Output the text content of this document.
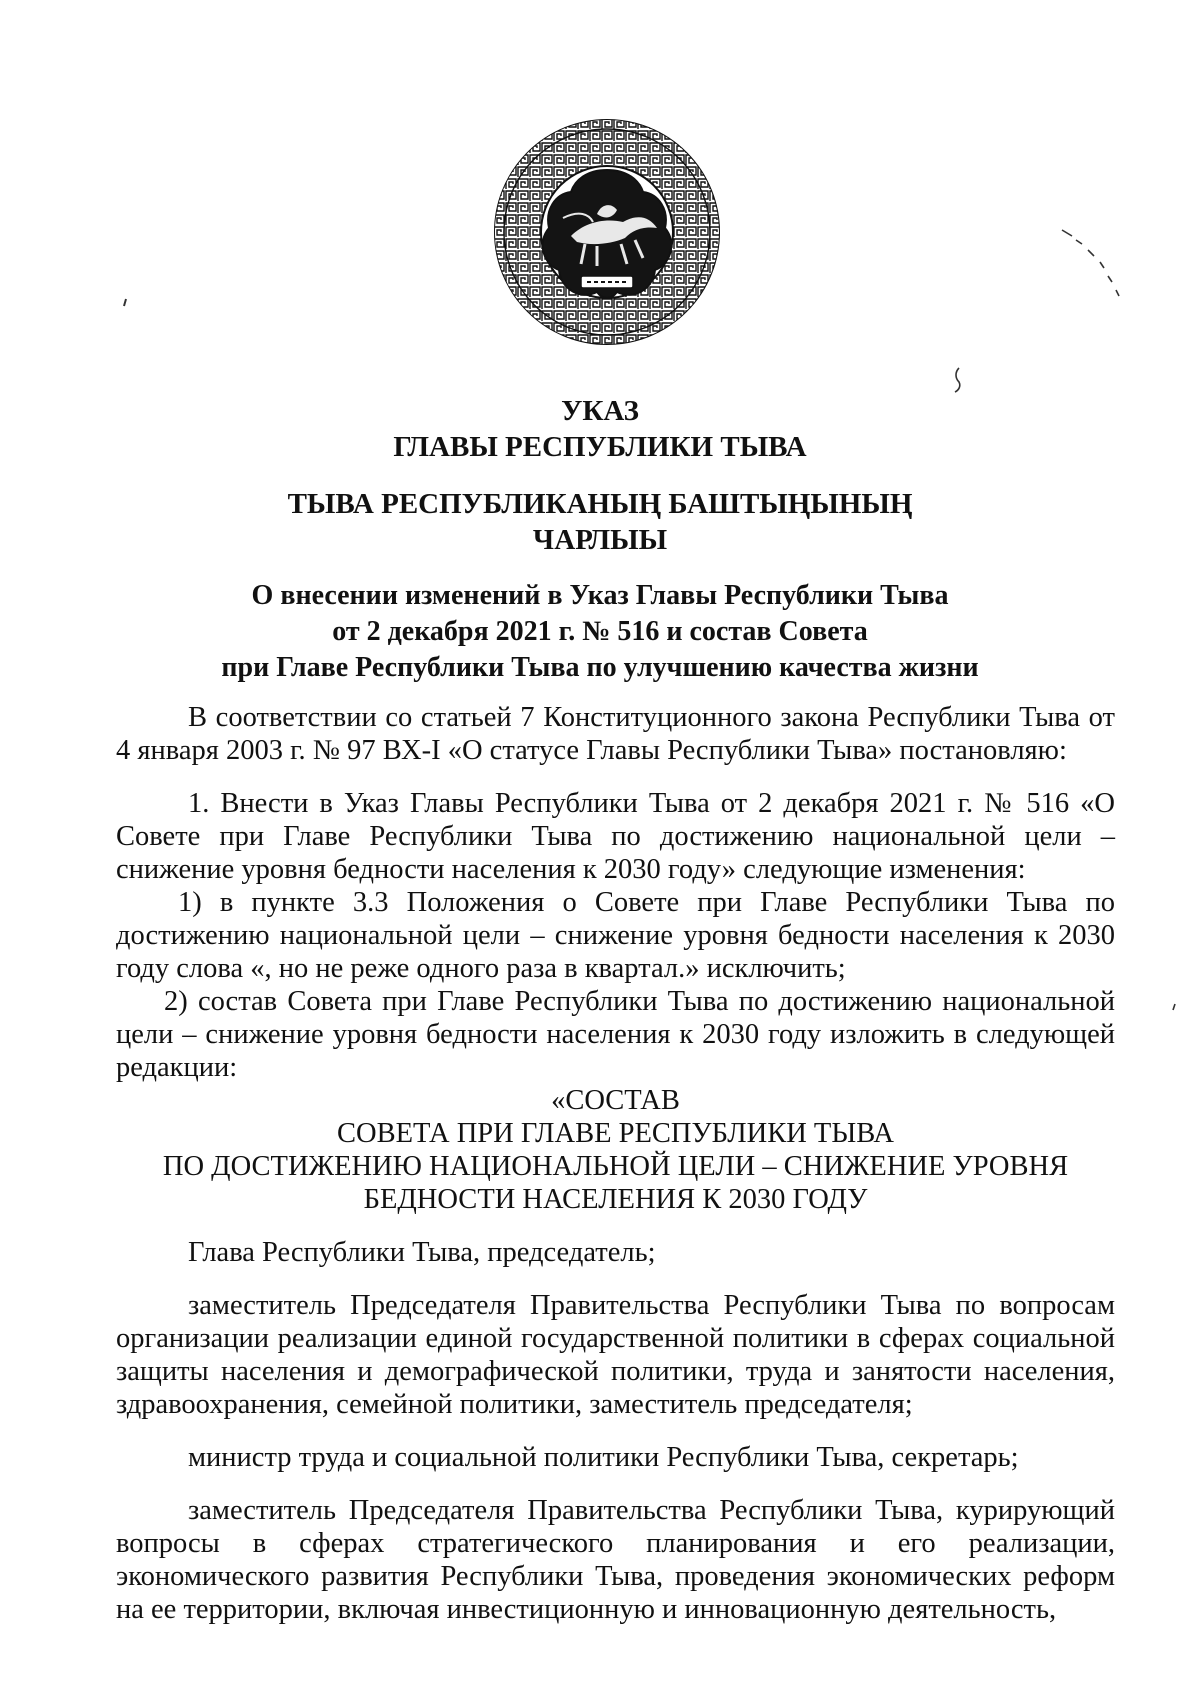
УКАЗ
ГЛАВЫ РЕСПУБЛИКИ ТЫВА
ТЫВА РЕСПУБЛИКАНЫҢ БАШТЫҢЫНЫҢ
ЧАРЛЫЫ
О внесении изменений в Указ Главы Республики Тыва
от 2 декабря 2021 г. № 516 и состав Совета
при Главе Республики Тыва по улучшению качества жизни

В соответствии со статьей 7 Конституционного закона Республики Тыва от 4 января 2003 г. № 97 ВХ-I «О статусе Главы Республики Тыва» постановляю:

1. Внести в Указ Главы Республики Тыва от 2 декабря 2021 г. № 516 «О Совете при Главе Республики Тыва по достижению национальной цели – снижение уровня бедности населения к 2030 году» следующие изменения:

1) в пункте 3.3 Положения о Совете при Главе Республики Тыва по достижению национальной цели – снижение уровня бедности населения к 2030 году слова «, но не реже одного раза в квартал.» исключить;

2) состав Совета при Главе Республики Тыва по достижению национальной цели – снижение уровня бедности населения к 2030 году изложить в следующей редакции:

«СОСТАВ
СОВЕТА ПРИ ГЛАВЕ РЕСПУБЛИКИ ТЫВА
ПО ДОСТИЖЕНИЮ НАЦИОНАЛЬНОЙ ЦЕЛИ – СНИЖЕНИЕ УРОВНЯ
БЕДНОСТИ НАСЕЛЕНИЯ К 2030 ГОДУ

Глава Республики Тыва, председатель;

заместитель Председателя Правительства Республики Тыва по вопросам организации реализации единой государственной политики в сферах социальной защиты населения и демографической политики, труда и занятости населения, здравоохранения, семейной политики, заместитель председателя;

министр труда и социальной политики Республики Тыва, секретарь;

заместитель Председателя Правительства Республики Тыва, курирующий вопросы в сферах стратегического планирования и его реализации, экономического развития Республики Тыва, проведения экономических реформ на ее территории, включая инвестиционную и инновационную деятельность,
